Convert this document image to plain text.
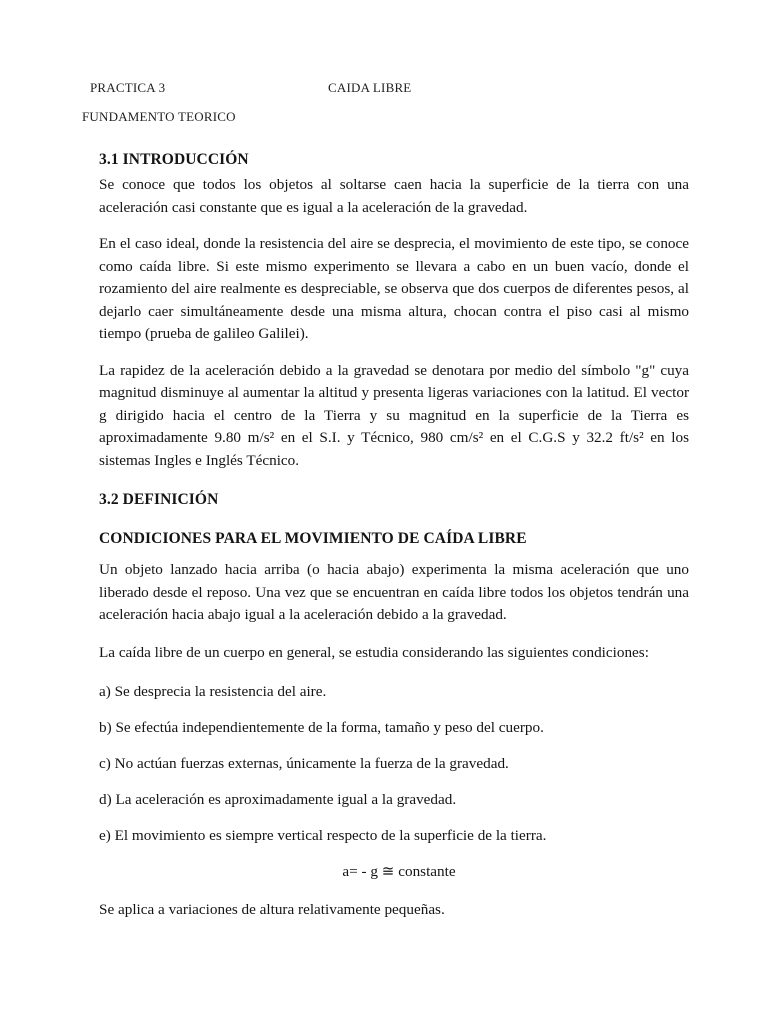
PRACTICA 3	CAIDA LIBRE
FUNDAMENTO TEORICO

3.1 INTRODUCCIÓN

Se conoce que todos los objetos al soltarse caen hacia la superficie de la tierra con una aceleración casi constante que es igual a la aceleración de la gravedad.

En el caso ideal, donde la resistencia del aire se desprecia, el movimiento de este tipo, se conoce como caída libre. Si este mismo experimento se llevara a cabo en un buen vacío, donde el rozamiento del aire realmente es despreciable, se observa que dos cuerpos de diferentes pesos, al dejarlo caer simultáneamente desde una misma altura, chocan contra el piso casi al mismo tiempo (prueba de galileo Galilei).

La rapidez de la aceleración debido a la gravedad se denotara por medio del símbolo "g" cuya magnitud disminuye al aumentar la altitud y presenta ligeras variaciones con la latitud. El vector g dirigido hacia el centro de la Tierra y su magnitud en la superficie de la Tierra es aproximadamente 9.80 m/s² en el S.I. y Técnico, 980 cm/s² en el C.G.S y 32.2 ft/s² en los sistemas Ingles e Inglés Técnico.

3.2 DEFINICIÓN

CONDICIONES PARA EL MOVIMIENTO DE CAÍDA LIBRE

Un objeto lanzado hacia arriba (o hacia abajo) experimenta la misma aceleración que uno liberado desde el reposo. Una vez que se encuentran en caída libre todos los objetos tendrán una aceleración hacia abajo igual a la aceleración debido a la gravedad.

La caída libre de un cuerpo en general, se estudia considerando las siguientes condiciones:

a) Se desprecia la resistencia del aire.
b) Se efectúa independientemente de la forma, tamaño y peso del cuerpo.
c) No actúan fuerzas externas, únicamente la fuerza de la gravedad.
d) La aceleración es aproximadamente igual a la gravedad.
e) El movimiento es siempre vertical respecto de la superficie de la tierra.
a= - g ≅ constante

Se aplica a variaciones de altura relativamente pequeñas.
